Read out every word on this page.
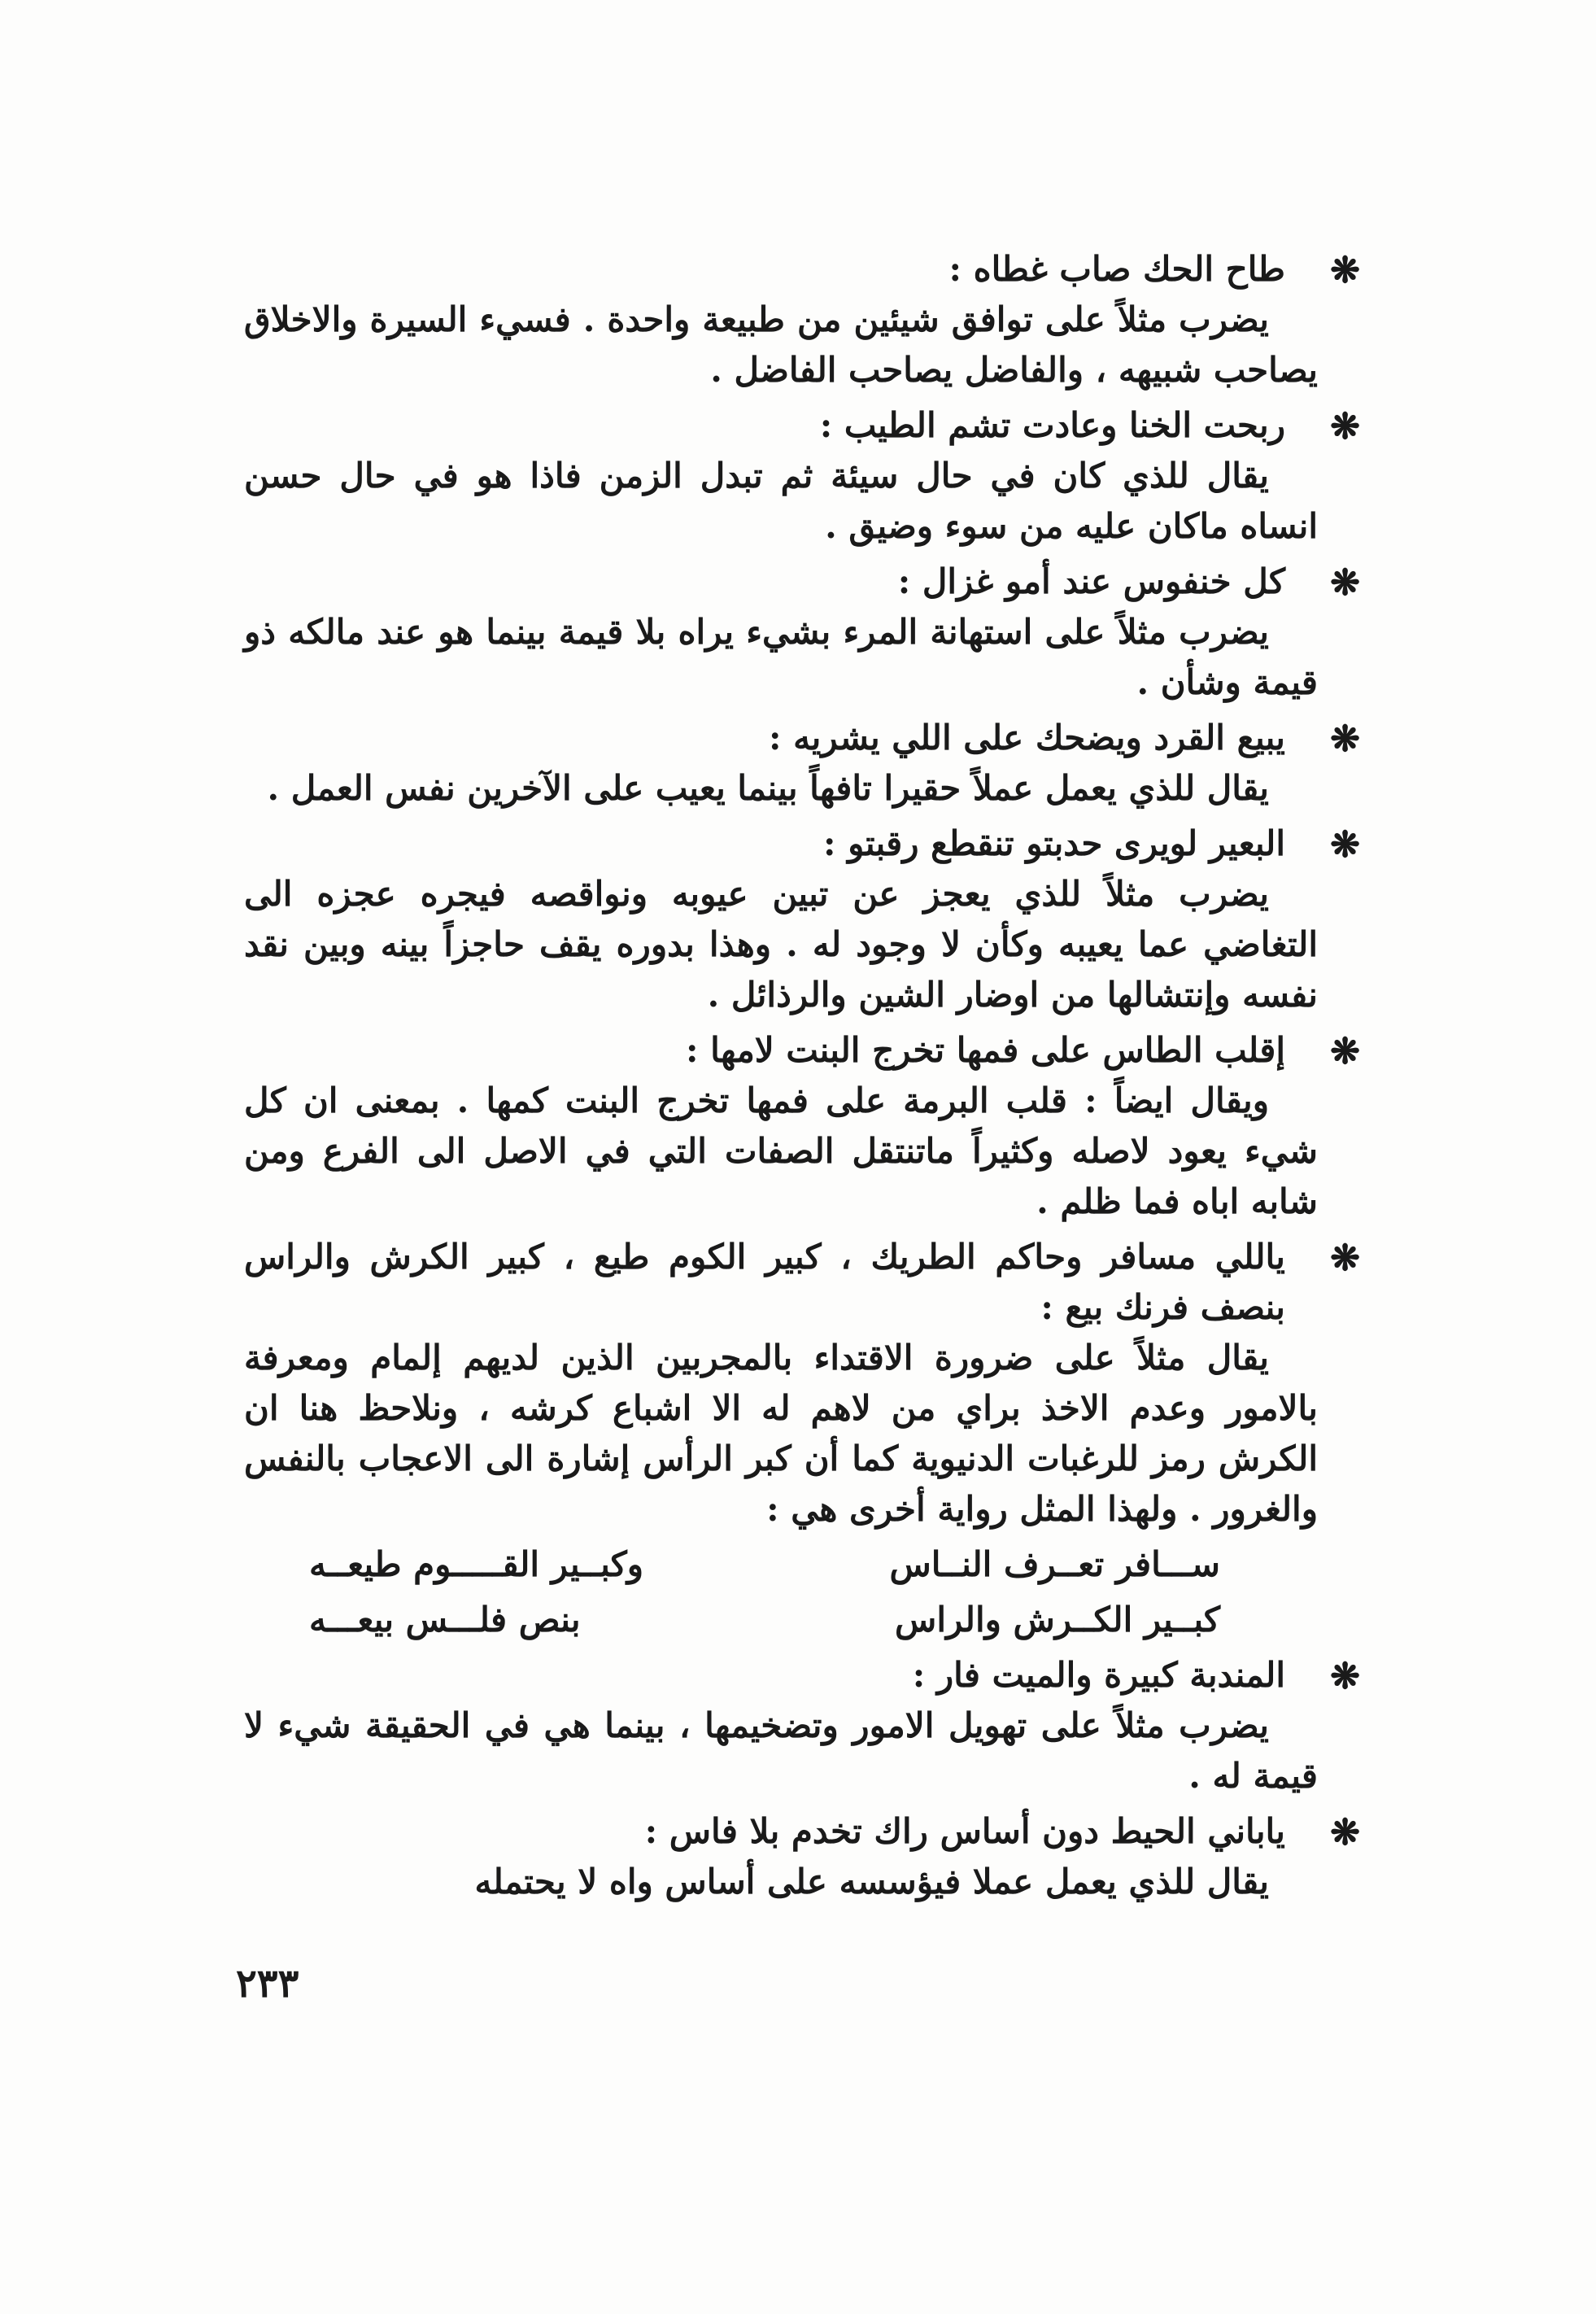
❋
طاح الحك صاب غطاه :

يضرب مثلاً على توافق شيئين من طبيعة واحدة . فسيء السيرة والاخلاق يصاحب شبيهه ، والفاضل يصاحب الفاضل .

❋
ربحت الخنا وعادت تشم الطيب :

يقال للذي كان في حال سيئة ثم تبدل الزمن فاذا هو في حال حسن انساه ماكان عليه من سوء وضيق .

❋
كل خنفوس عند أمو غزال :

يضرب مثلاً على استهانة المرء بشيء يراه بلا قيمة بينما هو عند مالكه ذو قيمة وشأن .

❋
يبيع القرد ويضحك على اللي يشريه :

يقال للذي يعمل عملاً حقيرا تافهاً بينما يعيب على الآخرين نفس العمل .

❋
البعير لويرى حدبتو تنقطع رقبتو :

يضرب مثلاً للذي يعجز عن تبين عيوبه ونواقصه فيجره عجزه الى التغاضي عما يعيبه وكأن لا وجود له . وهذا بدوره يقف حاجزاً بينه وبين نقد نفسه وإنتشالها من اوضار الشين والرذائل .

❋
إقلب الطاس على فمها تخرج البنت لامها :

ويقال ايضاً : قلب البرمة على فمها تخرج البنت كمها . بمعنى ان كل شيء يعود لاصله وكثيراً ماتنتقل الصفات التي في الاصل الى الفرع ومن شابه اباه فما ظلم .

❋
ياللي مسافر وحاكم الطريك ، كبير الكوم طيع ، كبير الكرش والراس بنصف فرنك بيع :

يقال مثلاً على ضرورة الاقتداء بالمجربين الذين لديهم إلمام ومعرفة بالامور وعدم الاخذ براي من لاهم له الا اشباع كرشه ، ونلاحظ هنا ان الكرش رمز للرغبات الدنيوية كما أن كبر الرأس إشارة الى الاعجاب بالنفس والغرور . ولهذا المثل رواية أخرى هي :

ســـافر تعــرف النــاس
وكبــير القـــــوم طيعــه
كبــير الكــرش والراس
بنص فلـــس بيعـــه

❋
المندبة كبيرة والميت فار :

يضرب مثلاً على تهويل الامور وتضخيمها ، بينما هي في الحقيقة شيء لا قيمة له .

❋
ياباني الحيط دون أساس راك تخدم بلا فاس :

يقال للذي يعمل عملا فيؤسسه على أساس واه لا يحتمله

٢٣٣
